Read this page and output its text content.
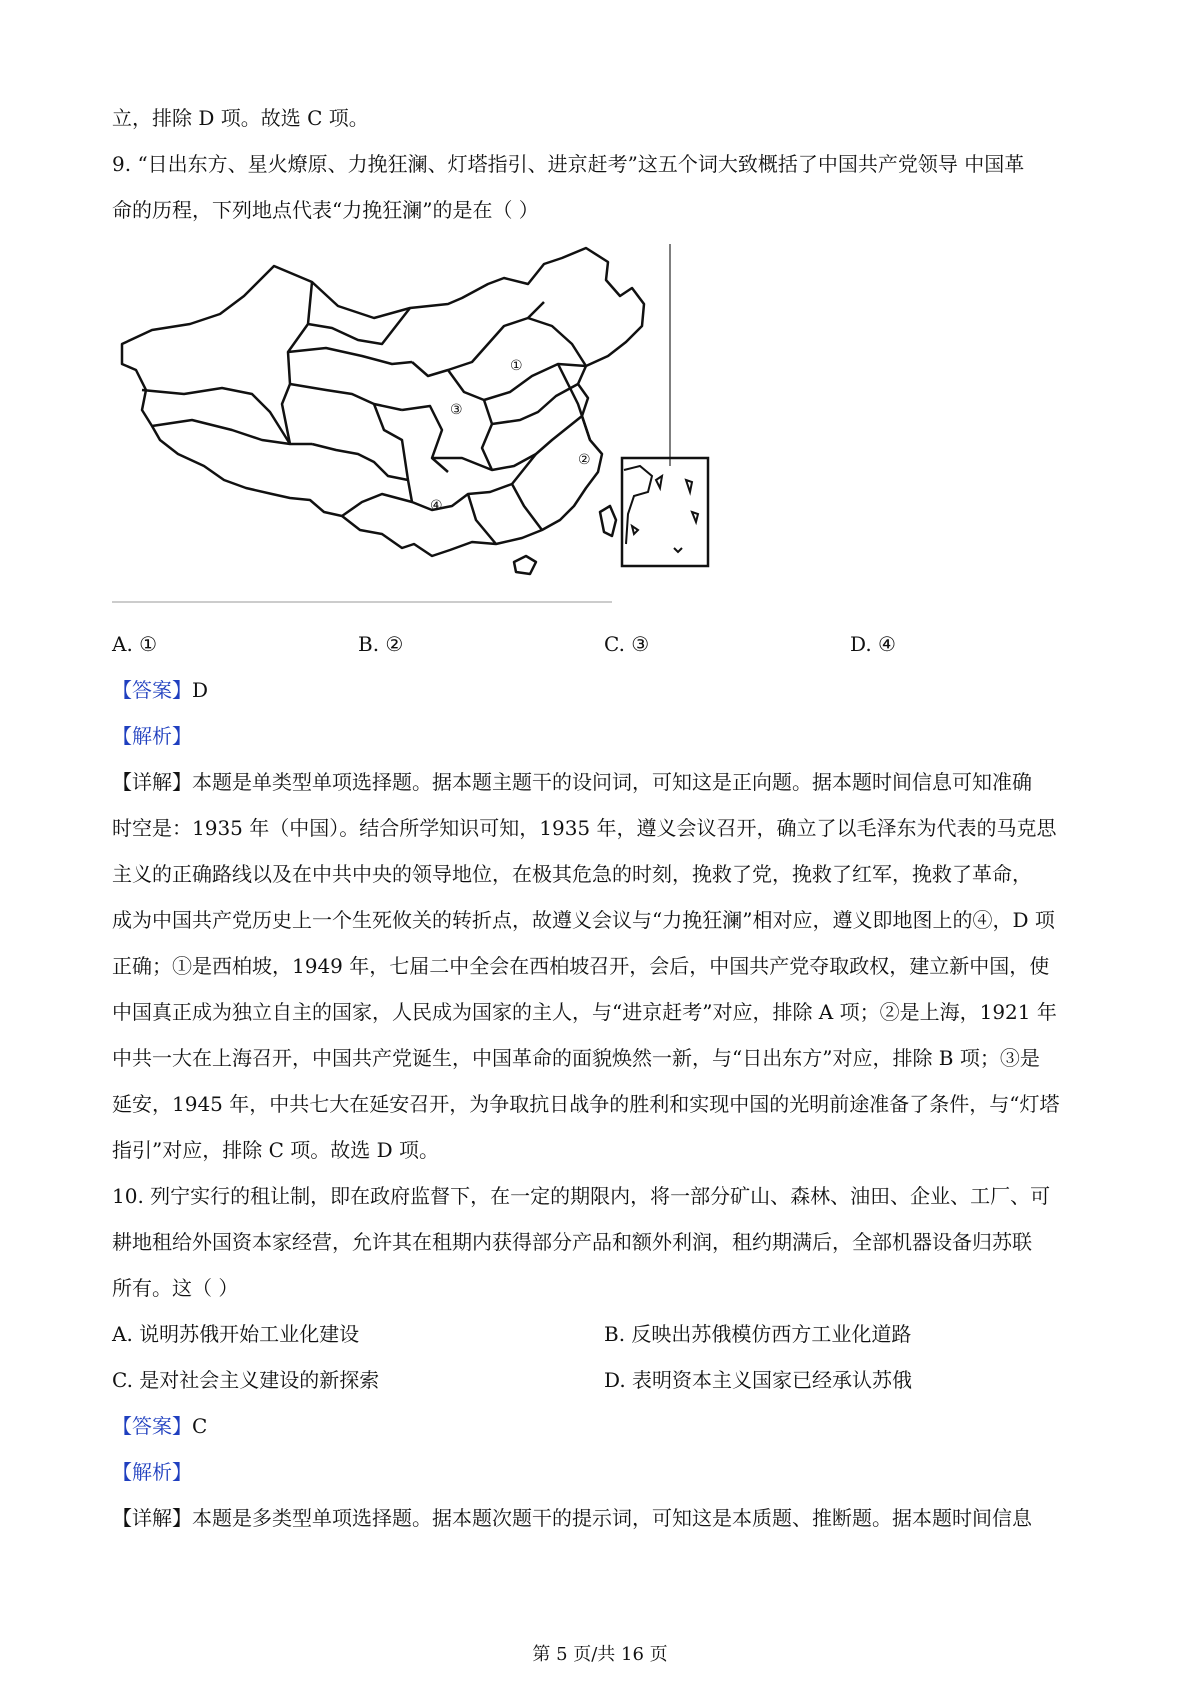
立，排除 D 项。故选 C 项。
9. “日出东方、星火燎原、力挽狂澜、灯塔指引、进京赶考”这五个词大致概括了中国共产党领导 中国革
命的历程，下列地点代表“力挽狂澜”的是在（ ）
①
②
③
④
A. ①	B. ②	C. ③	D. ④
【答案】D
【解析】
【详解】本题是单类型单项选择题。据本题主题干的设问词，可知这是正向题。据本题时间信息可知准确
时空是：1935 年（中国）。结合所学知识可知，1935 年，遵义会议召开，确立了以毛泽东为代表的马克思
主义的正确路线以及在中共中央的领导地位，在极其危急的时刻，挽救了党，挽救了红军，挽救了革命，
成为中国共产党历史上一个生死攸关的转折点，故遵义会议与“力挽狂澜”相对应，遵义即地图上的④，D 项
正确；①是西柏坡，1949 年，七届二中全会在西柏坡召开，会后，中国共产党夺取政权，建立新中国，使
中国真正成为独立自主的国家，人民成为国家的主人，与“进京赶考”对应，排除 A 项；②是上海，1921 年
中共一大在上海召开，中国共产党诞生，中国革命的面貌焕然一新，与“日出东方”对应，排除 B 项；③是
延安，1945 年，中共七大在延安召开，为争取抗日战争的胜利和实现中国的光明前途准备了条件，与“灯塔
指引”对应，排除 C 项。故选 D 项。
10. 列宁实行的租让制，即在政府监督下，在一定的期限内，将一部分矿山、森林、油田、企业、工厂、可
耕地租给外国资本家经营，允许其在租期内获得部分产品和额外利润，租约期满后，全部机器设备归苏联
所有。这（ ）
A. 说明苏俄开始工业化建设	B. 反映出苏俄模仿西方工业化道路
C. 是对社会主义建设的新探索	D. 表明资本主义国家已经承认苏俄
【答案】C
【解析】
【详解】本题是多类型单项选择题。据本题次题干的提示词，可知这是本质题、推断题。据本题时间信息
第 5 页/共 16 页
